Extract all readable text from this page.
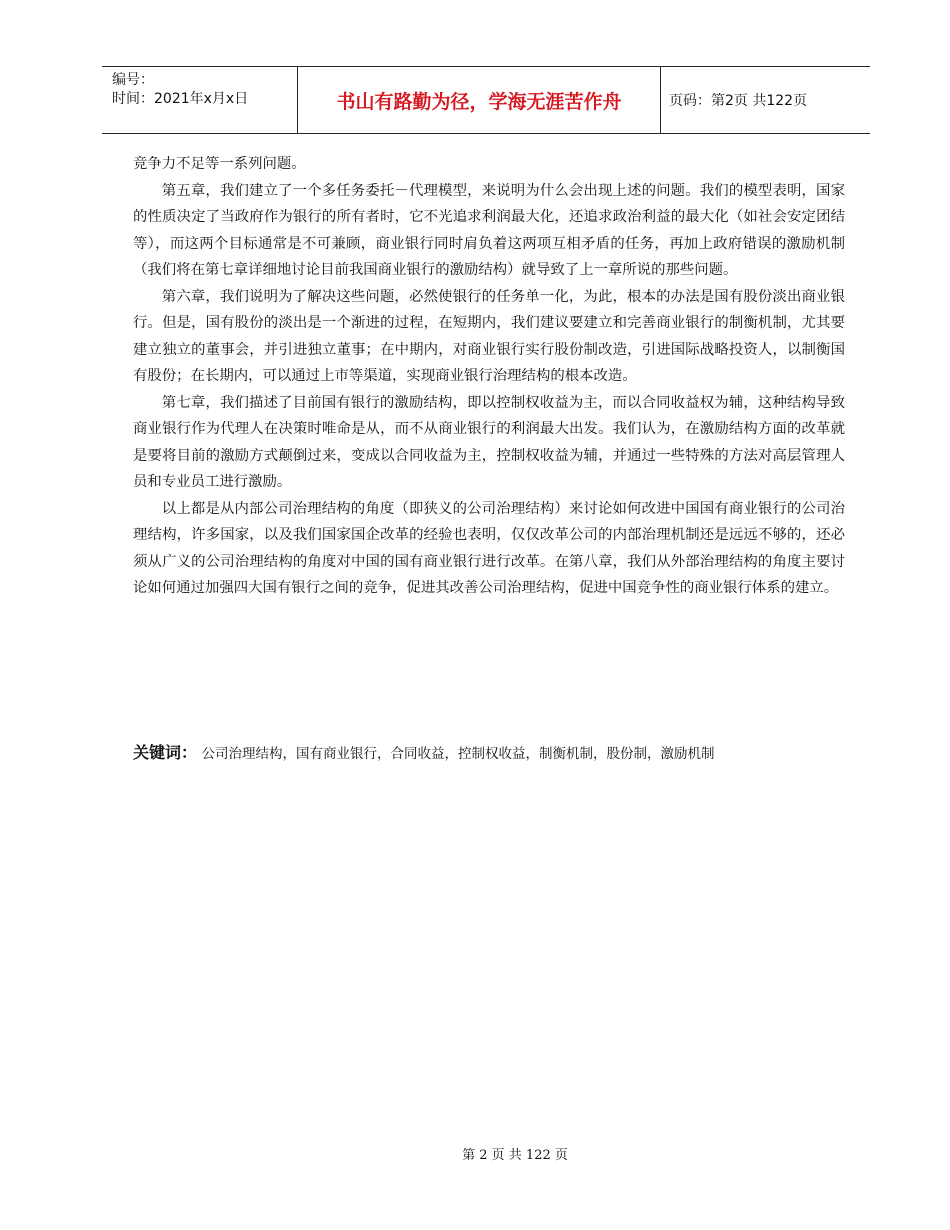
编号：
时间：2021年x月x日	书山有路勤为径，学海无涯苦作舟	页码：第2页 共122页

竞争力不足等一系列问题。

第五章，我们建立了一个多任务委托－代理模型，来说明为什么会出现上述的问题。我们的模型表明，国家的性质决定了当政府作为银行的所有者时，它不光追求利润最大化，还追求政治利益的最大化（如社会安定团结等），而这两个目标通常是不可兼顾，商业银行同时肩负着这两项互相矛盾的任务，再加上政府错误的激励机制（我们将在第七章详细地讨论目前我国商业银行的激励结构）就导致了上一章所说的那些问题。

第六章，我们说明为了解决这些问题，必然使银行的任务单一化，为此，根本的办法是国有股份淡出商业银行。但是，国有股份的淡出是一个渐进的过程，在短期内，我们建议要建立和完善商业银行的制衡机制，尤其要建立独立的董事会，并引进独立董事；在中期内，对商业银行实行股份制改造，引进国际战略投资人，以制衡国有股份；在长期内，可以通过上市等渠道，实现商业银行治理结构的根本改造。

第七章，我们描述了目前国有银行的激励结构，即以控制权收益为主，而以合同收益权为辅，这种结构导致商业银行作为代理人在决策时唯命是从，而不从商业银行的利润最大出发。我们认为，在激励结构方面的改革就是要将目前的激励方式颠倒过来，变成以合同收益为主，控制权收益为辅，并通过一些特殊的方法对高层管理人员和专业员工进行激励。

以上都是从内部公司治理结构的角度（即狭义的公司治理结构）来讨论如何改进中国国有商业银行的公司治理结构，许多国家，以及我们国家国企改革的经验也表明，仅仅改革公司的内部治理机制还是远远不够的，还必须从广义的公司治理结构的角度对中国的国有商业银行进行改革。在第八章，我们从外部治理结构的角度主要讨论如何通过加强四大国有银行之间的竞争，促进其改善公司治理结构，促进中国竞争性的商业银行体系的建立。

关键词： 公司治理结构，国有商业银行，合同收益，控制权收益，制衡机制，股份制，激励机制
第 2 页 共 122 页
